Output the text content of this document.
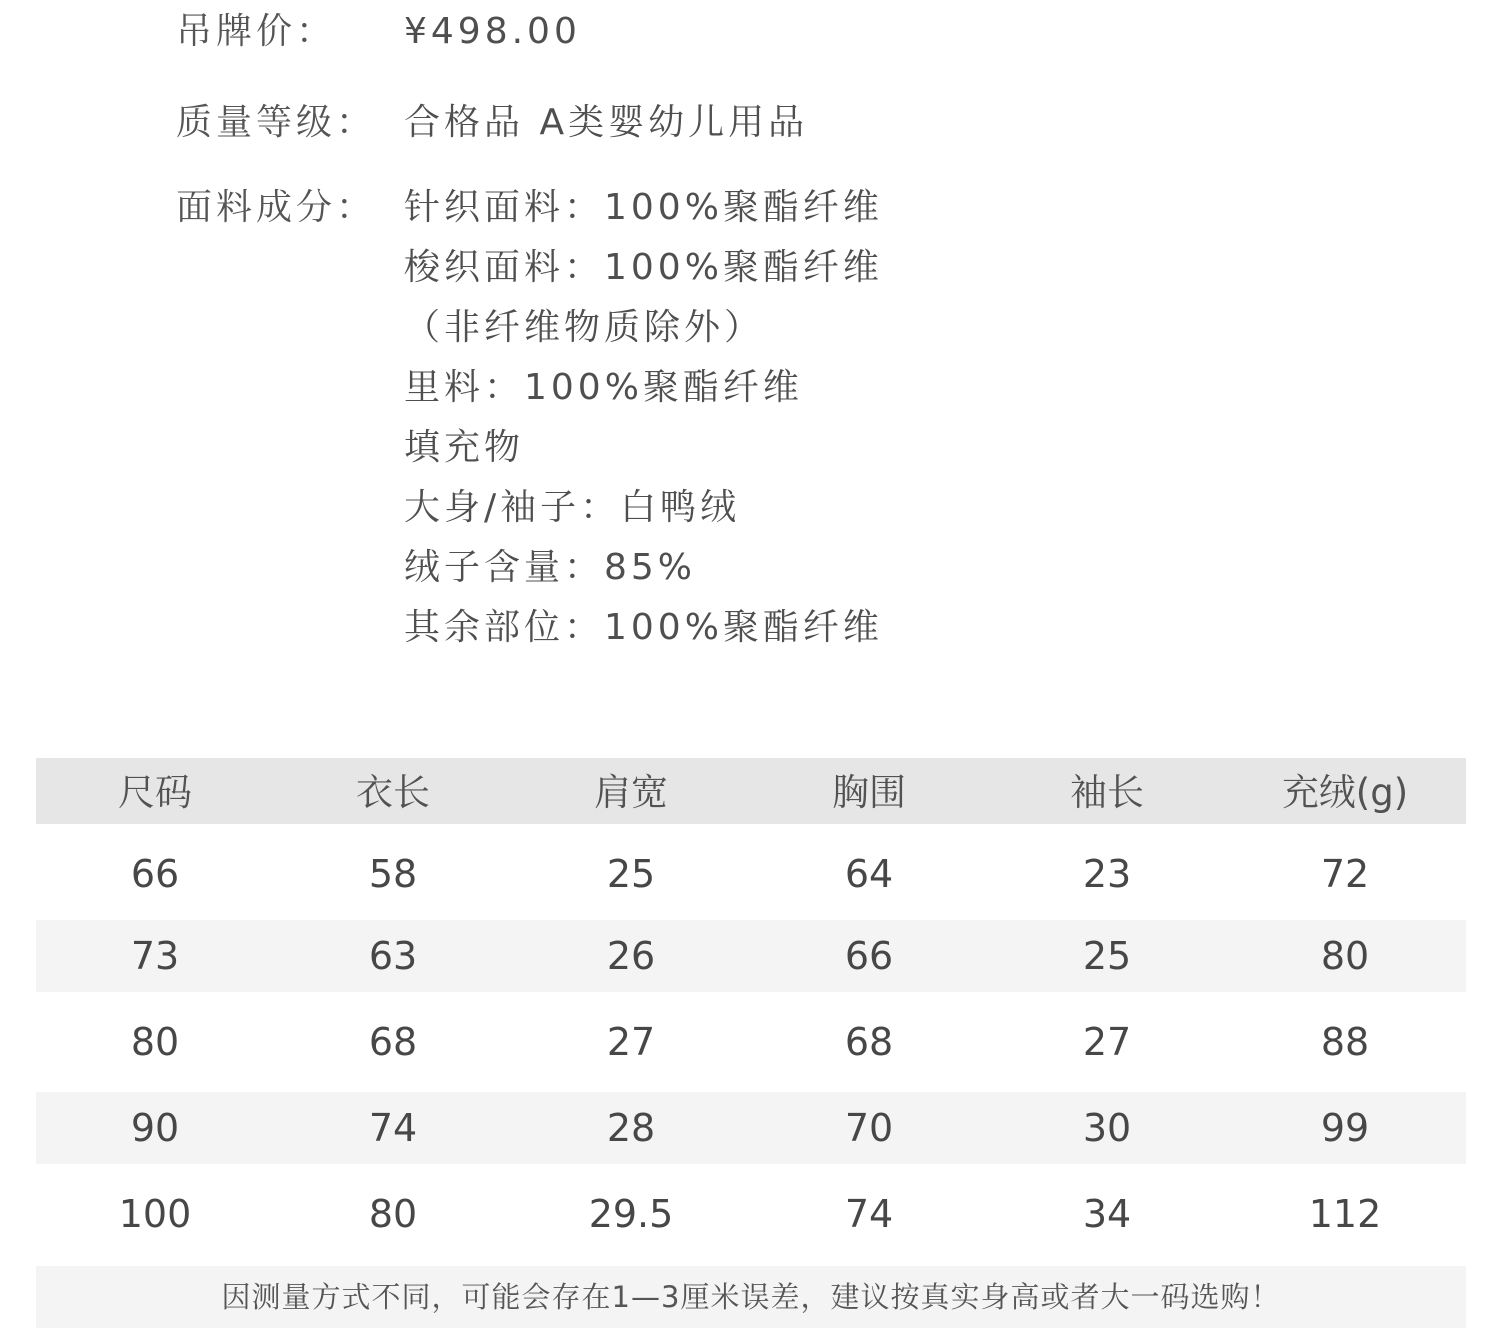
吊牌价： ¥498.00
质量等级： 合格品 A类婴幼儿用品
面料成分： 针织面料：100%聚酯纤维
梭织面料：100%聚酯纤维
（非纤维物质除外）
里料：100%聚酯纤维
填充物
大身/袖子：白鸭绒
绒子含量：85%
其余部位：100%聚酯纤维
尺码	衣长	肩宽	胸围	袖长	充绒(g)
66	58	25	64	23	72
73	63	26	66	25	80
80	68	27	68	27	88
90	74	28	70	30	99
100	80	29.5	74	34	112
因测量方式不同，可能会存在1—3厘米误差，建议按真实身高或者大一码选购！
